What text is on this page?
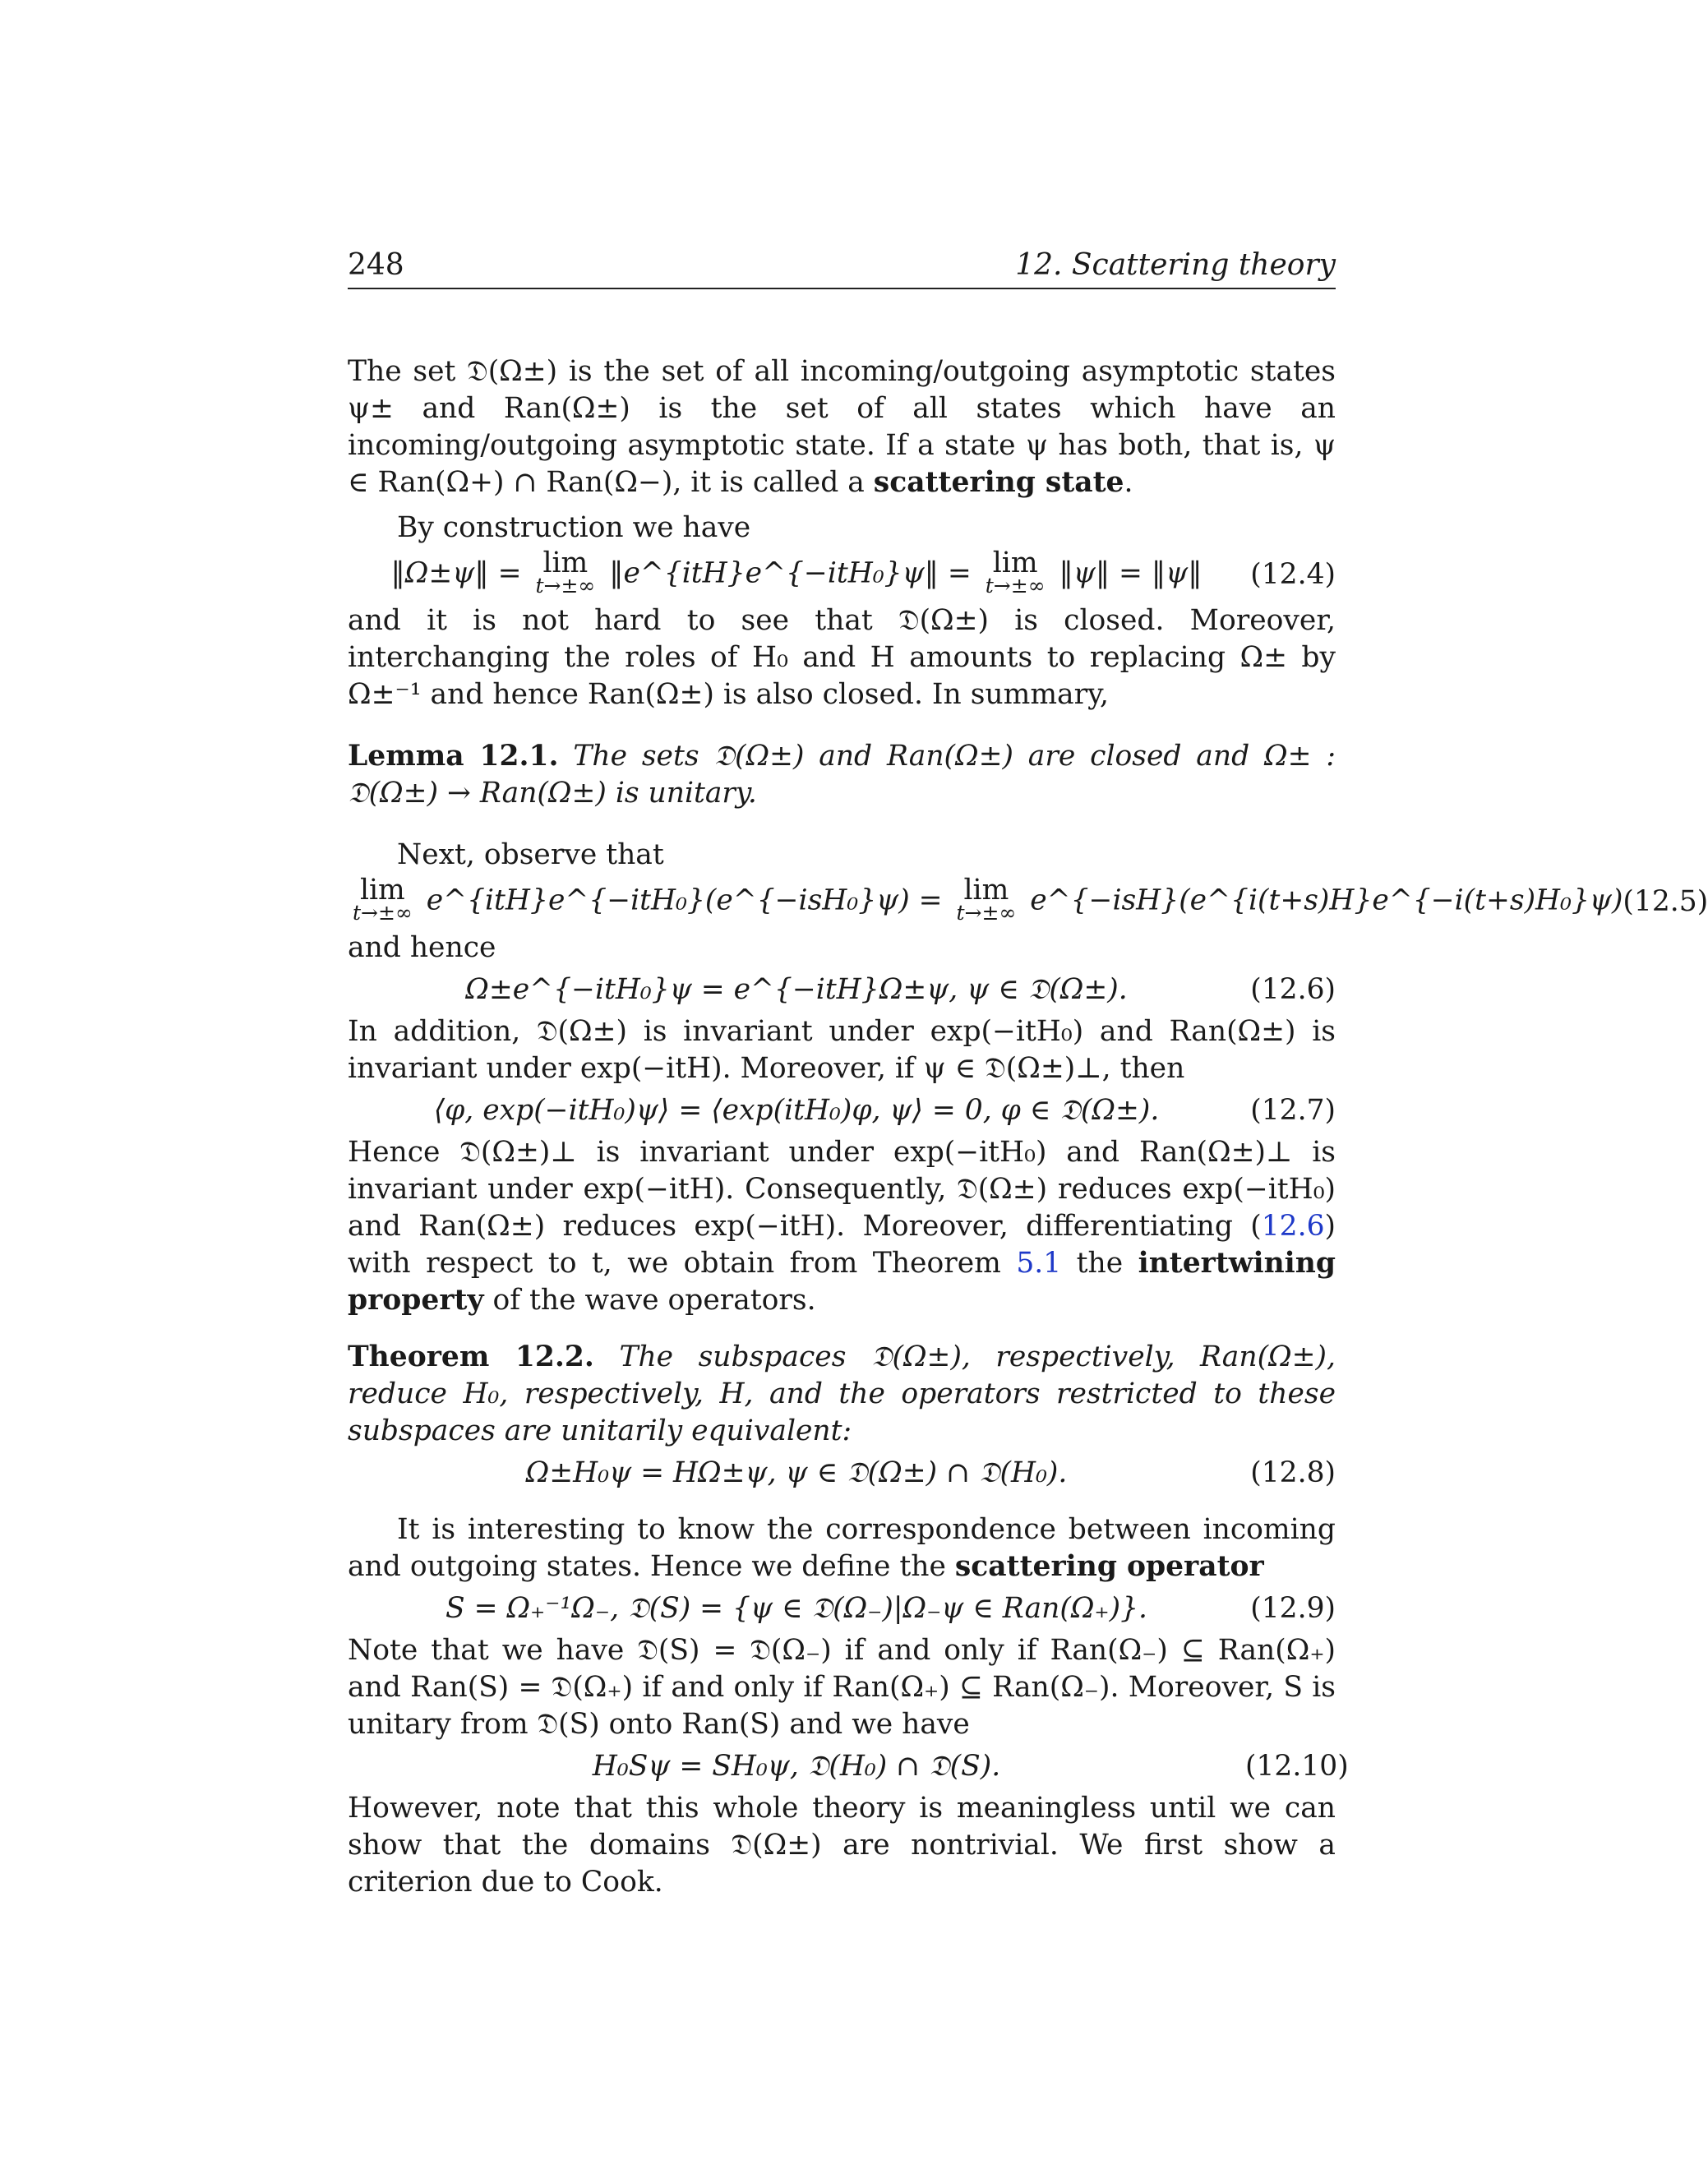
248	12. Scattering theory

The set 𝔇(Ω±) is the set of all incoming/outgoing asymptotic states ψ± and Ran(Ω±) is the set of all states which have an incoming/outgoing asymptotic state. If a state ψ has both, that is, ψ ∈ Ran(Ω+) ∩ Ran(Ω−), it is called a scattering state.

By construction we have

‖Ω±ψ‖ = lim
t→±∞ ‖e^{itH}e^{−itH₀}ψ‖ = lim
t→±∞ ‖ψ‖ = ‖ψ‖	(12.4)

and it is not hard to see that 𝔇(Ω±) is closed. Moreover, interchanging the roles of H₀ and H amounts to replacing Ω± by Ω±⁻¹ and hence Ran(Ω±) is also closed. In summary,

Lemma 12.1. The sets 𝔇(Ω±) and Ran(Ω±) are closed and Ω± : 𝔇(Ω±) → Ran(Ω±) is unitary.

Next, observe that

lim
t→±∞ e^{itH}e^{−itH₀}(e^{−isH₀}ψ) = lim
t→±∞ e^{−isH}(e^{i(t+s)H}e^{−i(t+s)H₀}ψ) (12.5)

and hence

Ω±e^{−itH₀}ψ = e^{−itH}Ω±ψ, ψ ∈ 𝔇(Ω±).	(12.6)

In addition, 𝔇(Ω±) is invariant under exp(−itH₀) and Ran(Ω±) is invariant under exp(−itH). Moreover, if ψ ∈ 𝔇(Ω±)⊥, then

⟨φ, exp(−itH₀)ψ⟩ = ⟨exp(itH₀)φ, ψ⟩ = 0, φ ∈ 𝔇(Ω±).	(12.7)

Hence 𝔇(Ω±)⊥ is invariant under exp(−itH₀) and Ran(Ω±)⊥ is invariant under exp(−itH). Consequently, 𝔇(Ω±) reduces exp(−itH₀) and Ran(Ω±) reduces exp(−itH). Moreover, differentiating (12.6) with respect to t, we obtain from Theorem 5.1 the intertwining property of the wave operators.

Theorem 12.2. The subspaces 𝔇(Ω±), respectively, Ran(Ω±), reduce H₀, respectively, H, and the operators restricted to these subspaces are unitarily equivalent:

Ω±H₀ψ = HΩ±ψ, ψ ∈ 𝔇(Ω±) ∩ 𝔇(H₀).	(12.8)

It is interesting to know the correspondence between incoming and outgoing states. Hence we define the scattering operator

S = Ω₊⁻¹Ω₋, 𝔇(S) = {ψ ∈ 𝔇(Ω₋)|Ω₋ψ ∈ Ran(Ω₊)}.	(12.9)

Note that we have 𝔇(S) = 𝔇(Ω₋) if and only if Ran(Ω₋) ⊆ Ran(Ω₊) and Ran(S) = 𝔇(Ω₊) if and only if Ran(Ω₊) ⊆ Ran(Ω₋). Moreover, S is unitary from 𝔇(S) onto Ran(S) and we have

H₀Sψ = SH₀ψ, 𝔇(H₀) ∩ 𝔇(S).	(12.10)

However, note that this whole theory is meaningless until we can show that the domains 𝔇(Ω±) are nontrivial. We first show a criterion due to Cook.
